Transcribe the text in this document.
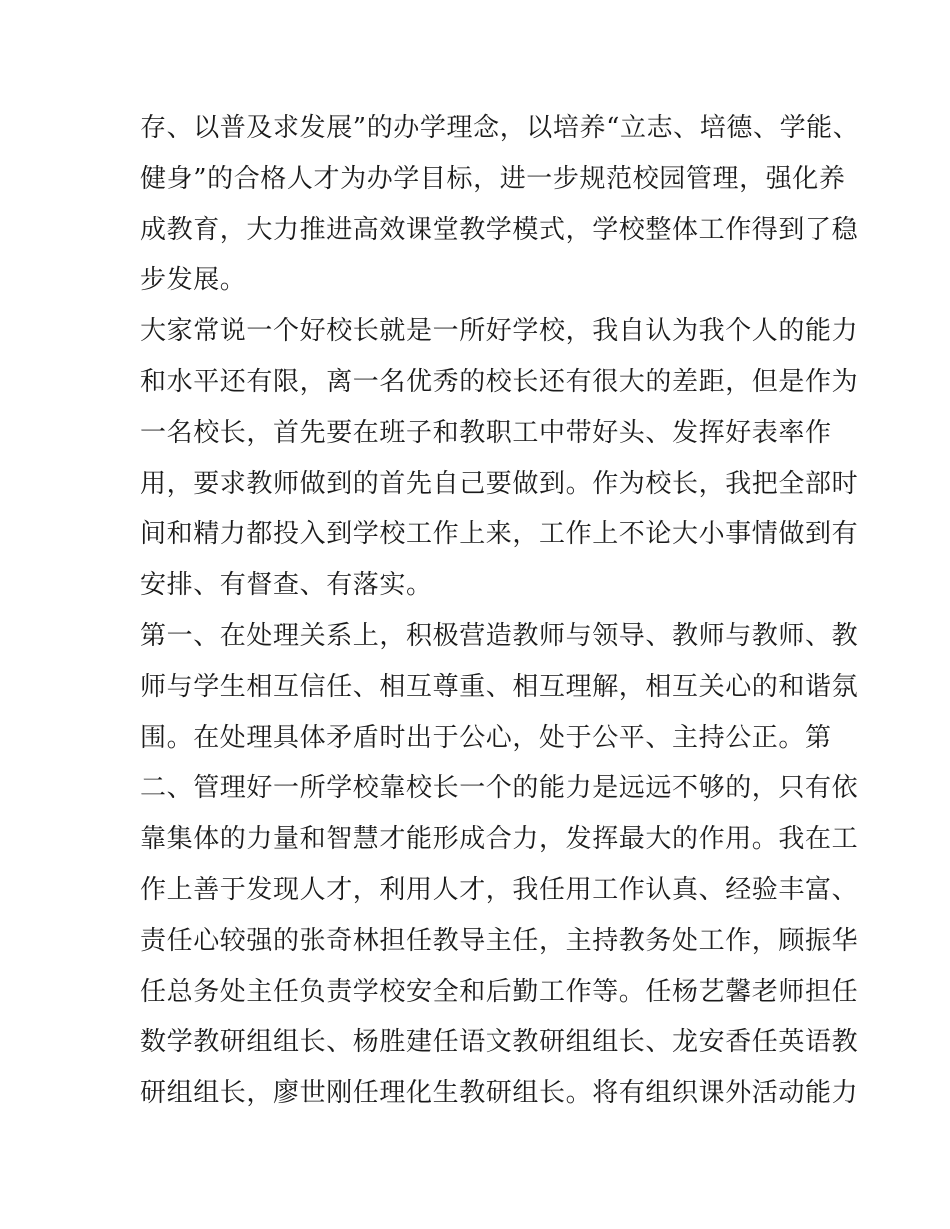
存、以普及求发展”的办学理念，以培养“立志、培德、学能、
健身”的合格人才为办学目标，进一步规范校园管理，强化养
成教育，大力推进高效课堂教学模式，学校整体工作得到了稳
步发展。
大家常说一个好校长就是一所好学校，我自认为我个人的能力
和水平还有限，离一名优秀的校长还有很大的差距，但是作为
一名校长，首先要在班子和教职工中带好头、发挥好表率作
用，要求教师做到的首先自己要做到。作为校长，我把全部时
间和精力都投入到学校工作上来，工作上不论大小事情做到有
安排、有督查、有落实。
第一、在处理关系上，积极营造教师与领导、教师与教师、教
师与学生相互信任、相互尊重、相互理解，相互关心的和谐氛
围。在处理具体矛盾时出于公心，处于公平、主持公正。第
二、管理好一所学校靠校长一个的能力是远远不够的，只有依
靠集体的力量和智慧才能形成合力，发挥最大的作用。我在工
作上善于发现人才，利用人才，我任用工作认真、经验丰富、
责任心较强的张奇林担任教导主任，主持教务处工作，顾振华
任总务处主任负责学校安全和后勤工作等。任杨艺馨老师担任
数学教研组组长、杨胜建任语文教研组组长、龙安香任英语教
研组组长，廖世刚任理化生教研组长。将有组织课外活动能力
